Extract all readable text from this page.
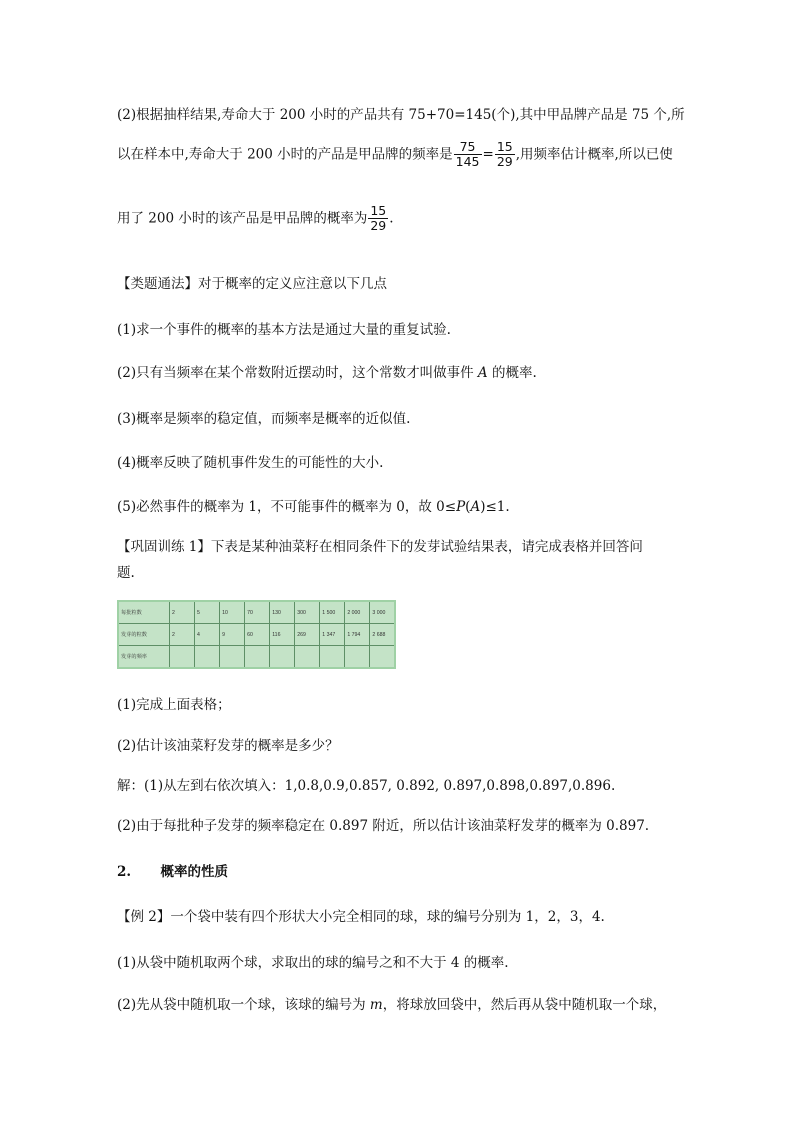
(2)根据抽样结果,寿命大于 200 小时的产品共有 75+70=145(个),其中甲品牌产品是 75 个,所
以在样本中,寿命大于 200 小时的产品是甲品牌的频率是 $\frac{75}{145} = \frac{15}{29}$ ,用频率估计概率,所以已使
用了 200 小时的该产品是甲品牌的概率为 $\frac{15}{29}$ .
【类题通法】对于概率的定义应注意以下几点
(1)求一个事件的概率的基本方法是通过大量的重复试验.
(2)只有当频率在某个常数附近摆动时，这个常数才叫做事件 A 的概率.
(3)概率是频率的稳定值，而频率是概率的近似值.
(4)概率反映了随机事件发生的可能性的大小.
(5)必然事件的概率为 1，不可能事件的概率为 0，故 0≤P(A)≤1.
【巩固训练 1】下表是某种油菜籽在相同条件下的发芽试验结果表，请完成表格并回答问
题.
每批粒数	2	5	10	70	130	300	1 500	2 000	3 000
发芽的粒数	2	4	9	60	116	269	1 347	1 794	2 688
发芽的频率									
(1)完成上面表格；
(2)估计该油菜籽发芽的概率是多少？
解：(1)从左到右依次填入：1,0.8,0.9,0.857, 0.892, 0.897,0.898,0.897,0.896.
(2)由于每批种子发芽的频率稳定在 0.897 附近，所以估计该油菜籽发芽的概率为 0.897.
2. 概率的性质
【例 2】一个袋中装有四个形状大小完全相同的球，球的编号分别为 1，2，3，4.
(1)从袋中随机取两个球，求取出的球的编号之和不大于 4 的概率.
(2)先从袋中随机取一个球，该球的编号为 m，将球放回袋中，然后再从袋中随机取一个球，
